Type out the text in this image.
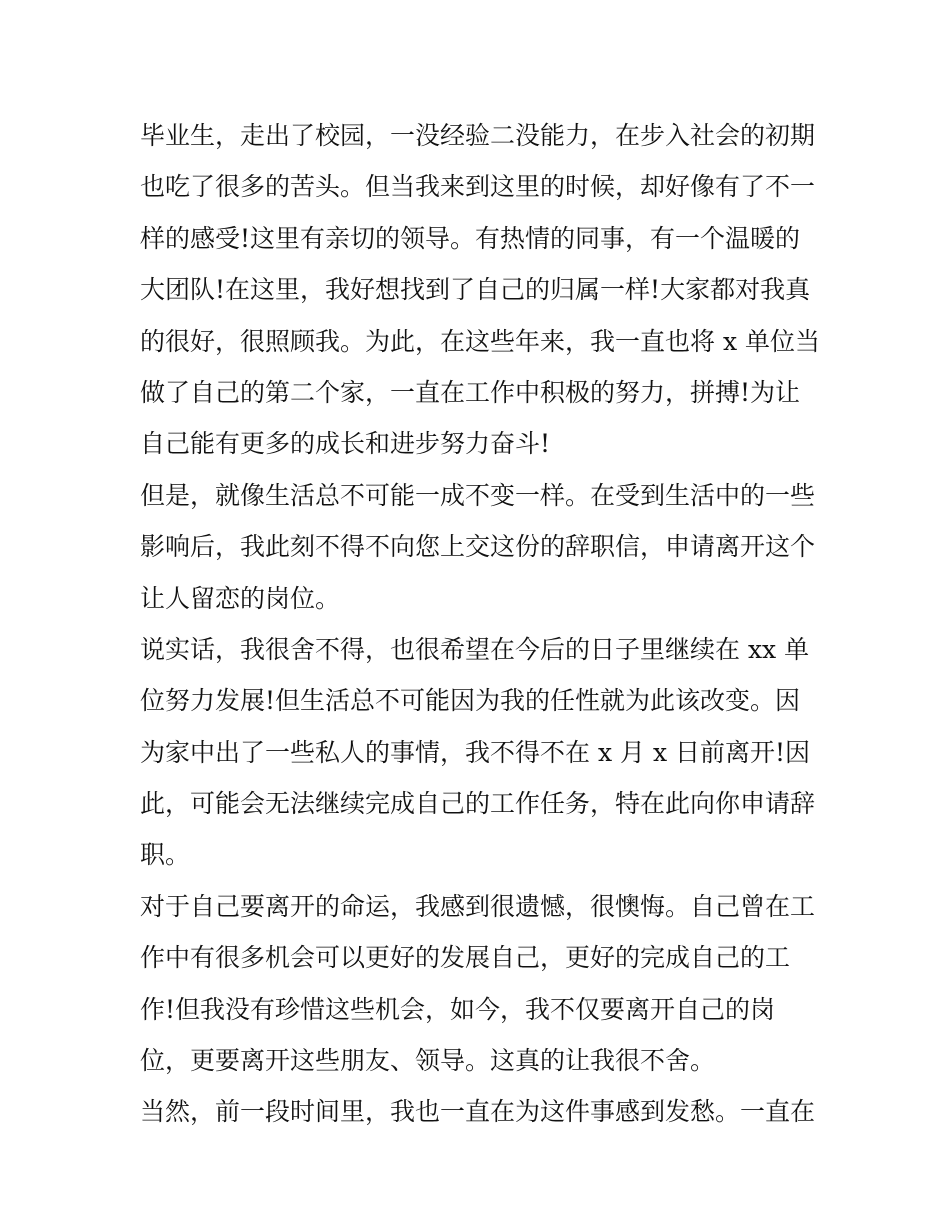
毕业生，走出了校园，一没经验二没能力，在步入社会的初期
也吃了很多的苦头。但当我来到这里的时候，却好像有了不一
样的感受!这里有亲切的领导。有热情的同事，有一个温暖的
大团队!在这里，我好想找到了自己的归属一样!大家都对我真
的很好，很照顾我。为此，在这些年来，我一直也将 x 单位当
做了自己的第二个家，一直在工作中积极的努力，拼搏!为让
自己能有更多的成长和进步努力奋斗!
但是，就像生活总不可能一成不变一样。在受到生活中的一些
影响后，我此刻不得不向您上交这份的辞职信，申请离开这个
让人留恋的岗位。
说实话，我很舍不得，也很希望在今后的日子里继续在 xx 单
位努力发展!但生活总不可能因为我的任性就为此该改变。因
为家中出了一些私人的事情，我不得不在 x 月 x 日前离开!因
此，可能会无法继续完成自己的工作任务，特在此向你申请辞
职。
对于自己要离开的命运，我感到很遗憾，很懊悔。自己曾在工
作中有很多机会可以更好的发展自己，更好的完成自己的工
作!但我没有珍惜这些机会，如今，我不仅要离开自己的岗
位，更要离开这些朋友、领导。这真的让我很不舍。
当然，前一段时间里，我也一直在为这件事感到发愁。一直在
